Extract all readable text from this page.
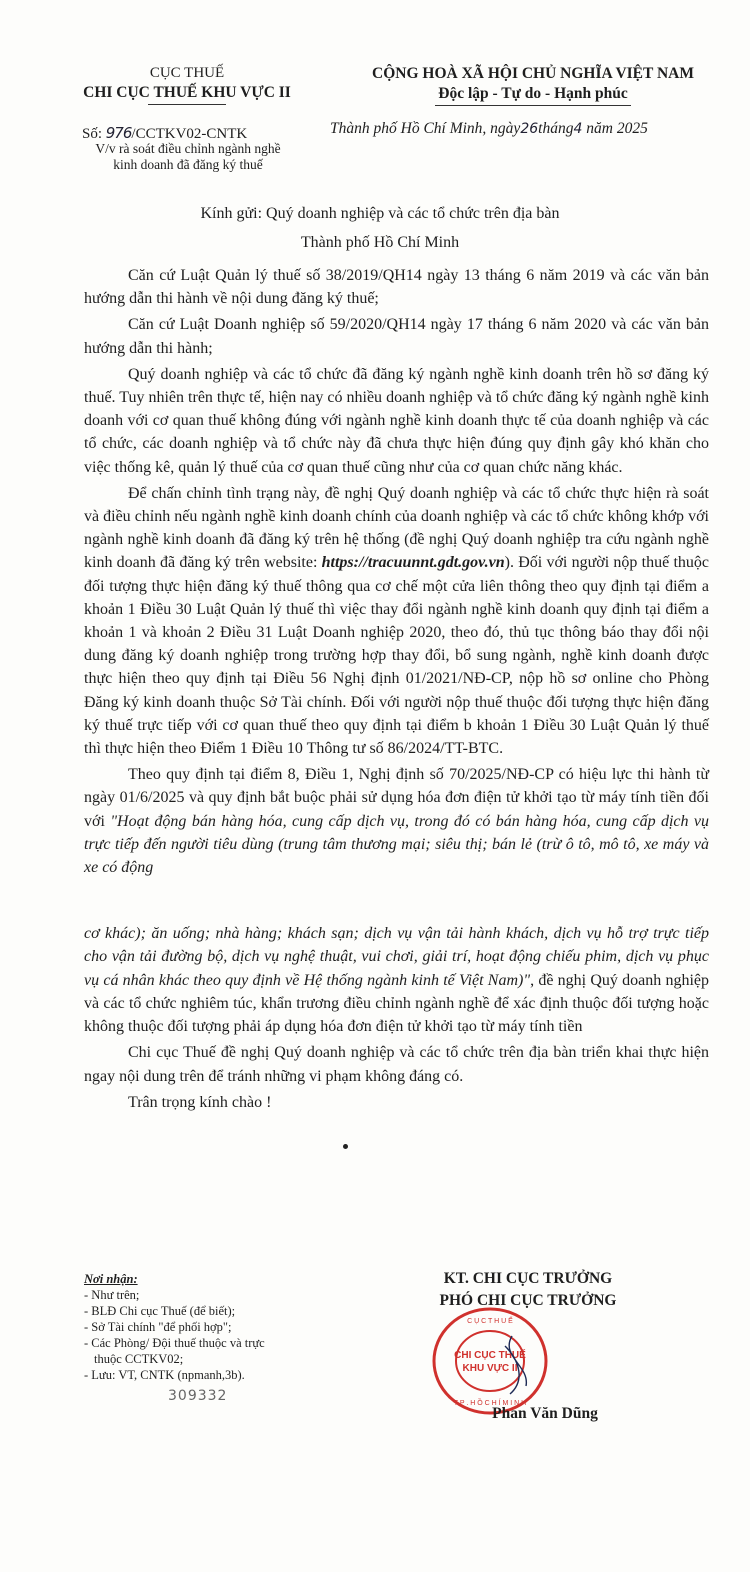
CỤC THUẾ
CHI CỤC THUẾ KHU VỰC II
CỘNG HOÀ XÃ HỘI CHỦ NGHĨA VIỆT NAM
Độc lập - Tự do - Hạnh phúc
Số: 976/CCTKV02-CNTK
V/v rà soát điều chỉnh ngành nghề
kinh doanh đã đăng ký thuế
Thành phố Hồ Chí Minh, ngày26tháng4 năm 2025
Kính gửi: Quý doanh nghiệp và các tổ chức trên địa bàn
Thành phố Hồ Chí Minh

Căn cứ Luật Quản lý thuế số 38/2019/QH14 ngày 13 tháng 6 năm 2019 và các văn bản hướng dẫn thi hành về nội dung đăng ký thuế;

Căn cứ Luật Doanh nghiệp số 59/2020/QH14 ngày 17 tháng 6 năm 2020 và các văn bản hướng dẫn thi hành;

Quý doanh nghiệp và các tổ chức đã đăng ký ngành nghề kinh doanh trên hồ sơ đăng ký thuế. Tuy nhiên trên thực tế, hiện nay có nhiều doanh nghiệp và tổ chức đăng ký ngành nghề kinh doanh với cơ quan thuế không đúng với ngành nghề kinh doanh thực tế của doanh nghiệp và các tổ chức, các doanh nghiệp và tổ chức này đã chưa thực hiện đúng quy định gây khó khăn cho việc thống kê, quản lý thuế của cơ quan thuế cũng như của cơ quan chức năng khác.

Để chấn chỉnh tình trạng này, đề nghị Quý doanh nghiệp và các tổ chức thực hiện rà soát và điều chỉnh nếu ngành nghề kinh doanh chính của doanh nghiệp và các tổ chức không khớp với ngành nghề kinh doanh đã đăng ký trên hệ thống (đề nghị Quý doanh nghiệp tra cứu ngành nghề kinh doanh đã đăng ký trên website: https://tracuunnt.gdt.gov.vn). Đối với người nộp thuế thuộc đối tượng thực hiện đăng ký thuế thông qua cơ chế một cửa liên thông theo quy định tại điểm a khoản 1 Điều 30 Luật Quản lý thuế thì việc thay đổi ngành nghề kinh doanh quy định tại điểm a khoản 1 và khoản 2 Điều 31 Luật Doanh nghiệp 2020, theo đó, thủ tục thông báo thay đổi nội dung đăng ký doanh nghiệp trong trường hợp thay đổi, bổ sung ngành, nghề kinh doanh được thực hiện theo quy định tại Điều 56 Nghị định 01/2021/NĐ-CP, nộp hồ sơ online cho Phòng Đăng ký kinh doanh thuộc Sở Tài chính. Đối với người nộp thuế thuộc đối tượng thực hiện đăng ký thuế trực tiếp với cơ quan thuế theo quy định tại điểm b khoản 1 Điều 30 Luật Quản lý thuế thì thực hiện theo Điểm 1 Điều 10 Thông tư số 86/2024/TT-BTC.

Theo quy định tại điểm 8, Điều 1, Nghị định số 70/2025/NĐ-CP có hiệu lực thi hành từ ngày 01/6/2025 và quy định bắt buộc phải sử dụng hóa đơn điện tử khởi tạo từ máy tính tiền đối với "Hoạt động bán hàng hóa, cung cấp dịch vụ, trong đó có bán hàng hóa, cung cấp dịch vụ trực tiếp đến người tiêu dùng (trung tâm thương mại; siêu thị; bán lẻ (trừ ô tô, mô tô, xe máy và xe có động

cơ khác); ăn uống; nhà hàng; khách sạn; dịch vụ vận tải hành khách, dịch vụ hỗ trợ trực tiếp cho vận tải đường bộ, dịch vụ nghệ thuật, vui chơi, giải trí, hoạt động chiếu phim, dịch vụ phục vụ cá nhân khác theo quy định về Hệ thống ngành kinh tế Việt Nam)", đề nghị Quý doanh nghiệp và các tổ chức nghiêm túc, khẩn trương điều chỉnh ngành nghề để xác định thuộc đối tượng hoặc không thuộc đối tượng phải áp dụng hóa đơn điện tử khởi tạo từ máy tính tiền

Chi cục Thuế đề nghị Quý doanh nghiệp và các tổ chức trên địa bàn triển khai thực hiện ngay nội dung trên để tránh những vi phạm không đáng có.

Trân trọng kính chào !

Nơi nhận:
- Như trên;
- BLĐ Chi cục Thuế (để biết);
- Sở Tài chính "để phối hợp";
- Các Phòng/ Đội thuế thuộc và trực
thuộc CCTKV02;
- Lưu: VT, CNTK (npmanh,3b).
309332
KT. CHI CỤC TRƯỞNG
PHÓ CHI CỤC TRƯỞNG
CHI CỤC THUẾ
KHU VỰC II
C Ụ C T H U Ế
T P . H Ồ C H Í M I N H
Phan Văn Dũng
